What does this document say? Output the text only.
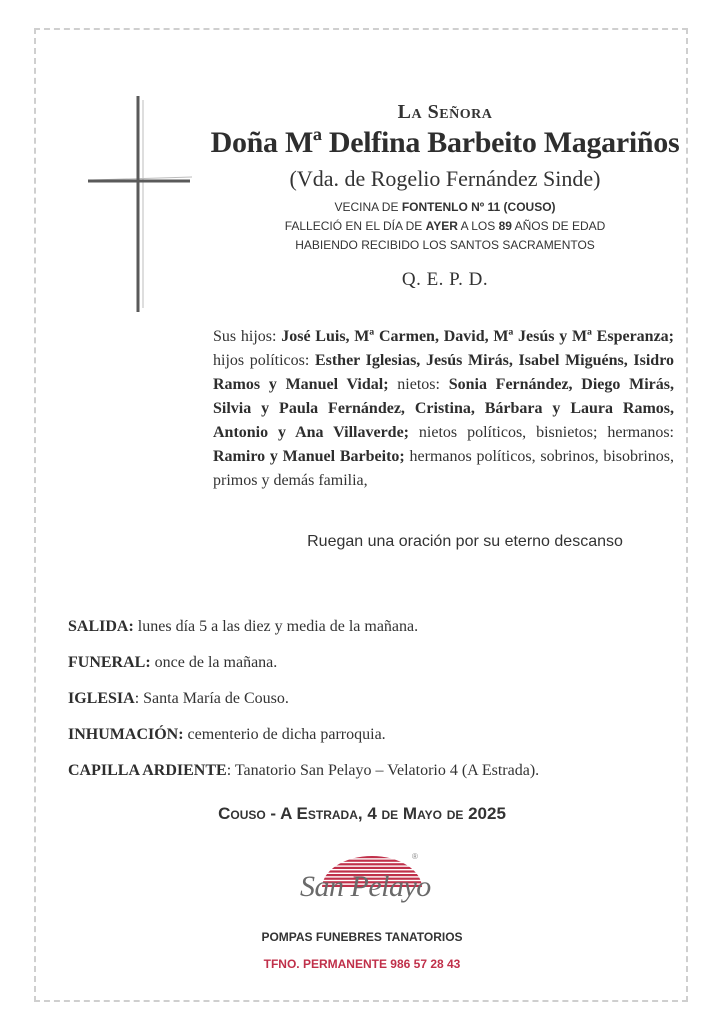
La Señora
Doña Mª Delfina Barbeito Magariños
(Vda. de Rogelio Fernández Sinde)
VECINA DE FONTENLO Nº 11 (COUSO)
FALLECIÓ EN EL DÍA DE AYER A LOS 89 AÑOS DE EDAD
HABIENDO RECIBIDO LOS SANTOS SACRAMENTOS
Q. E. P. D.
Sus hijos: José Luis, Mª Carmen, David, Mª Jesús y Mª Esperanza; hijos políticos: Esther Iglesias, Jesús Mirás, Isabel Miguéns, Isidro Ramos y Manuel Vidal; nietos: Sonia Fernández, Diego Mirás, Silvia y Paula Fernández, Cristina, Bárbara y Laura Ramos, Antonio y Ana Villaverde; nietos políticos, bisnietos; hermanos: Ramiro y Manuel Barbeito; hermanos políticos, sobrinos, bisobrinos, primos y demás familia,
Ruegan una oración por su eterno descanso
SALIDA: lunes día 5 a las diez y media de la mañana.
FUNERAL: once de la mañana.
IGLESIA: Santa María de Couso.
INHUMACIÓN: cementerio de dicha parroquia.
CAPILLA ARDIENTE: Tanatorio San Pelayo – Velatorio 4 (A Estrada).
Couso - A Estrada, 4 de Mayo de 2025
San Pelayo
®
POMPAS FUNEBRES TANATORIOS
TFNO. PERMANENTE 986 57 28 43
